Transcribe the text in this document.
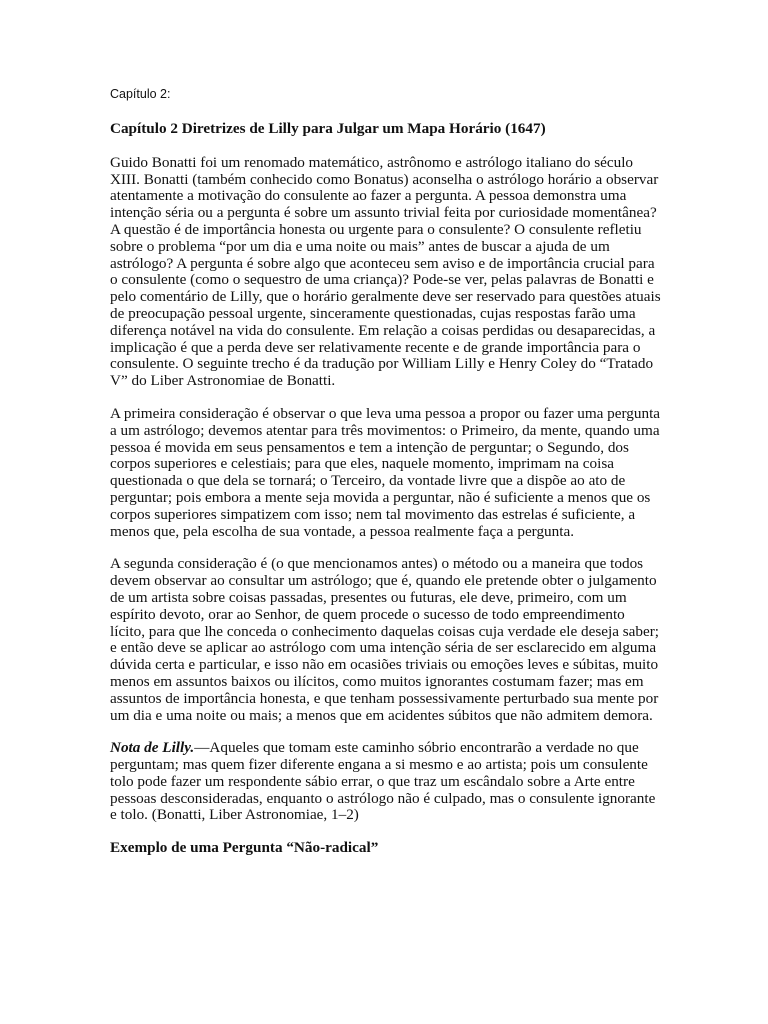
Capítulo 2:

Capítulo 2 Diretrizes de Lilly para Julgar um Mapa Horário (1647)

Guido Bonatti foi um renomado matemático, astrônomo e astrólogo italiano do século XIII. Bonatti (também conhecido como Bonatus) aconselha o astrólogo horário a observar atentamente a motivação do consulente ao fazer a pergunta. A pessoa demonstra uma intenção séria ou a pergunta é sobre um assunto trivial feita por curiosidade momentânea? A questão é de importância honesta ou urgente para o consulente? O consulente refletiu sobre o problema “por um dia e uma noite ou mais” antes de buscar a ajuda de um astrólogo? A pergunta é sobre algo que aconteceu sem aviso e de importância crucial para o consulente (como o sequestro de uma criança)? Pode-se ver, pelas palavras de Bonatti e pelo comentário de Lilly, que o horário geralmente deve ser reservado para questões atuais de preocupação pessoal urgente, sinceramente questionadas, cujas respostas farão uma diferença notável na vida do consulente. Em relação a coisas perdidas ou desaparecidas, a implicação é que a perda deve ser relativamente recente e de grande importância para o consulente. O seguinte trecho é da tradução por William Lilly e Henry Coley do “Tratado V” do Liber Astronomiae de Bonatti.

A primeira consideração é observar o que leva uma pessoa a propor ou fazer uma pergunta a um astrólogo; devemos atentar para três movimentos: o Primeiro, da mente, quando uma pessoa é movida em seus pensamentos e tem a intenção de perguntar; o Segundo, dos corpos superiores e celestiais; para que eles, naquele momento, imprimam na coisa questionada o que dela se tornará; o Terceiro, da vontade livre que a dispõe ao ato de perguntar; pois embora a mente seja movida a perguntar, não é suficiente a menos que os corpos superiores simpatizem com isso; nem tal movimento das estrelas é suficiente, a menos que, pela escolha de sua vontade, a pessoa realmente faça a pergunta.

A segunda consideração é (o que mencionamos antes) o método ou a maneira que todos devem observar ao consultar um astrólogo; que é, quando ele pretende obter o julgamento de um artista sobre coisas passadas, presentes ou futuras, ele deve, primeiro, com um espírito devoto, orar ao Senhor, de quem procede o sucesso de todo empreendimento lícito, para que lhe conceda o conhecimento daquelas coisas cuja verdade ele deseja saber; e então deve se aplicar ao astrólogo com uma intenção séria de ser esclarecido em alguma dúvida certa e particular, e isso não em ocasiões triviais ou emoções leves e súbitas, muito menos em assuntos baixos ou ilícitos, como muitos ignorantes costumam fazer; mas em assuntos de importância honesta, e que tenham possessivamente perturbado sua mente por um dia e uma noite ou mais; a menos que em acidentes súbitos que não admitem demora.

Nota de Lilly.—Aqueles que tomam este caminho sóbrio encontrarão a verdade no que perguntam; mas quem fizer diferente engana a si mesmo e ao artista; pois um consulente tolo pode fazer um respondente sábio errar, o que traz um escândalo sobre a Arte entre pessoas desconsideradas, enquanto o astrólogo não é culpado, mas o consulente ignorante e tolo. (Bonatti, Liber Astronomiae, 1–2)

Exemplo de uma Pergunta “Não-radical”
